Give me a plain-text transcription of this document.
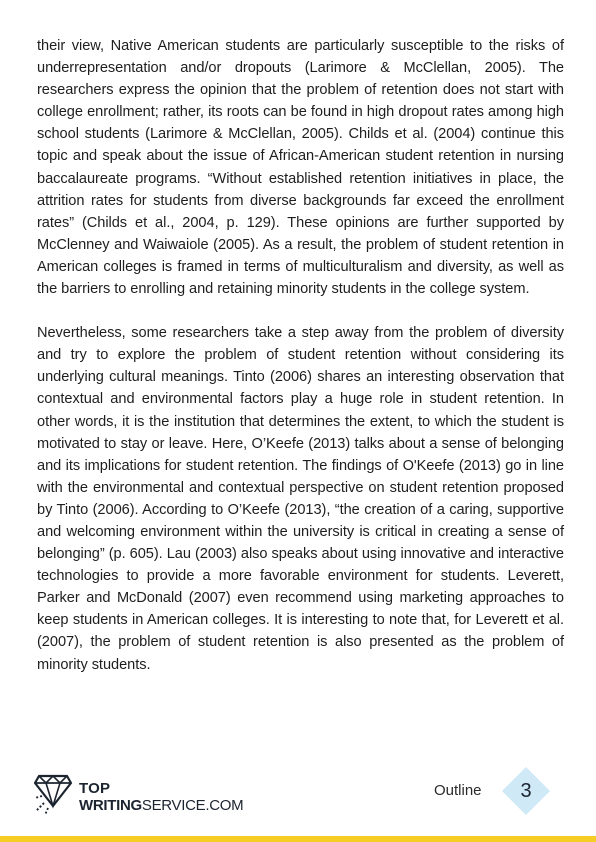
their view, Native American students are particularly susceptible to the risks of underrepresentation and/or dropouts (Larimore & McClellan, 2005). The researchers express the opinion that the problem of retention does not start with college enrollment; rather, its roots can be found in high dropout rates among high school students (Larimore & McClellan, 2005). Childs et al. (2004) continue this topic and speak about the issue of African-American student retention in nursing baccalaureate programs. “Without established retention initiatives in place, the attrition rates for students from diverse backgrounds far exceed the enrollment rates” (Childs et al., 2004, p. 129). These opinions are further supported by McClenney and Waiwaiole (2005). As a result, the problem of student retention in American colleges is framed in terms of multiculturalism and diversity, as well as the barriers to enrolling and retaining minority students in the college system.

Nevertheless, some researchers take a step away from the problem of diversity and try to explore the problem of student retention without considering its underlying cultural meanings. Tinto (2006) shares an interesting observation that contextual and environmental factors play a huge role in student retention. In other words, it is the institution that determines the extent, to which the student is motivated to stay or leave. Here, O’Keefe (2013) talks about a sense of belonging and its implications for student retention. The findings of O'Keefe (2013) go in line with the environmental and contextual perspective on student retention proposed by Tinto (2006). According to O’Keefe (2013), “the creation of a caring, supportive and welcoming environment within the university is critical in creating a sense of belonging” (p. 605). Lau (2003) also speaks about using innovative and interactive technologies to provide a more favorable environment for students. Leverett, Parker and McDonald (2007) even recommend using marketing approaches to keep students in American colleges. It is interesting to note that, for Leverett et al. (2007), the problem of student retention is also presented as the problem of minority students.

TOP
WRITINGSERVICE.COM
Outline	3
